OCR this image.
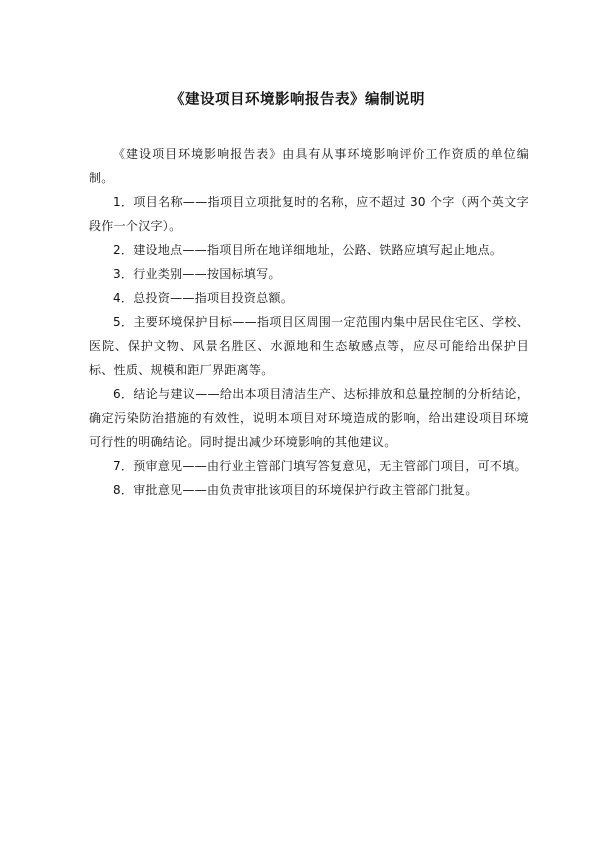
《建设项目环境影响报告表》编制说明

《建设项目环境影响报告表》由具有从事环境影响评价工作资质的单位编制。

1．项目名称——指项目立项批复时的名称，应不超过 30 个字（两个英文字段作一个汉字）。

2．建设地点——指项目所在地详细地址，公路、铁路应填写起止地点。

3．行业类别——按国标填写。

4．总投资——指项目投资总额。

5．主要环境保护目标——指项目区周围一定范围内集中居民住宅区、学校、医院、保护文物、风景名胜区、水源地和生态敏感点等，应尽可能给出保护目标、性质、规模和距厂界距离等。

6．结论与建议——给出本项目清洁生产、达标排放和总量控制的分析结论，确定污染防治措施的有效性，说明本项目对环境造成的影响，给出建设项目环境可行性的明确结论。同时提出减少环境影响的其他建议。

7．预审意见——由行业主管部门填写答复意见，无主管部门项目，可不填。

8．审批意见——由负责审批该项目的环境保护行政主管部门批复。
